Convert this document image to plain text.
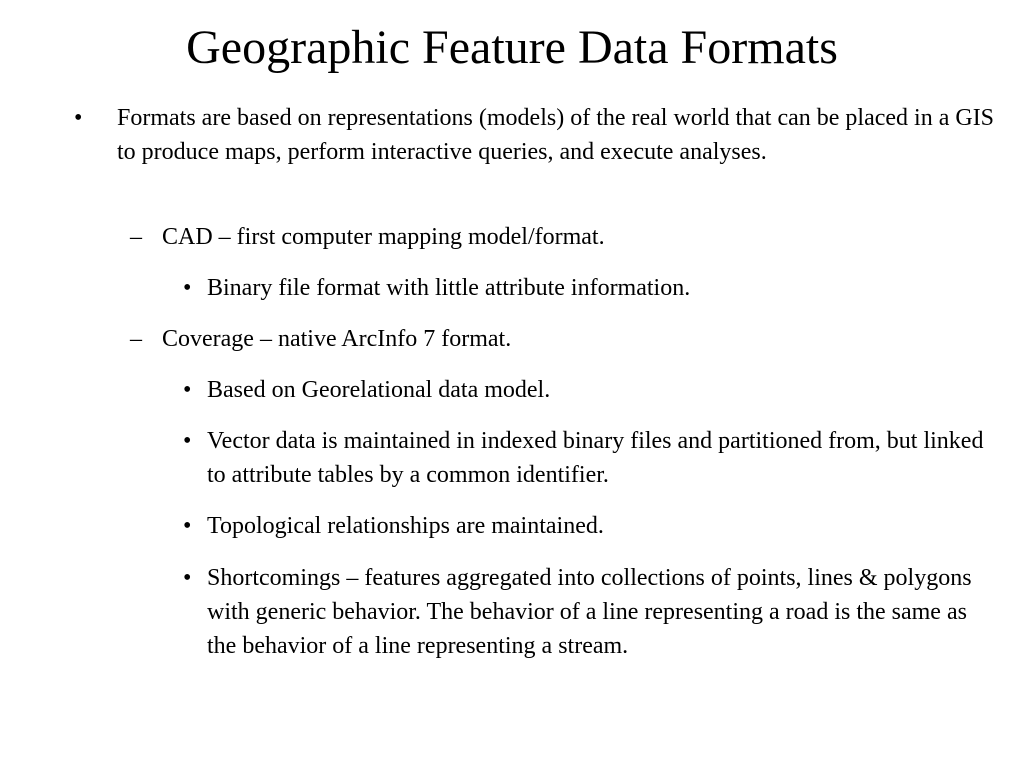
Geographic Feature Data Formats
• Formats are based on representations (models) of the real world that can be placed in a GIS to produce maps, perform interactive queries, and execute analyses.
– CAD – first computer mapping model/format.
• Binary file format with little attribute information.
– Coverage – native ArcInfo 7 format.
• Based on Georelational data model.
• Vector data is maintained in indexed binary files and partitioned from, but linked to attribute tables by a common identifier.
• Topological relationships are maintained.
• Shortcomings – features aggregated into collections of points, lines & polygons with generic behavior. The behavior of a line representing a road is the same as the behavior of a line representing a stream.
